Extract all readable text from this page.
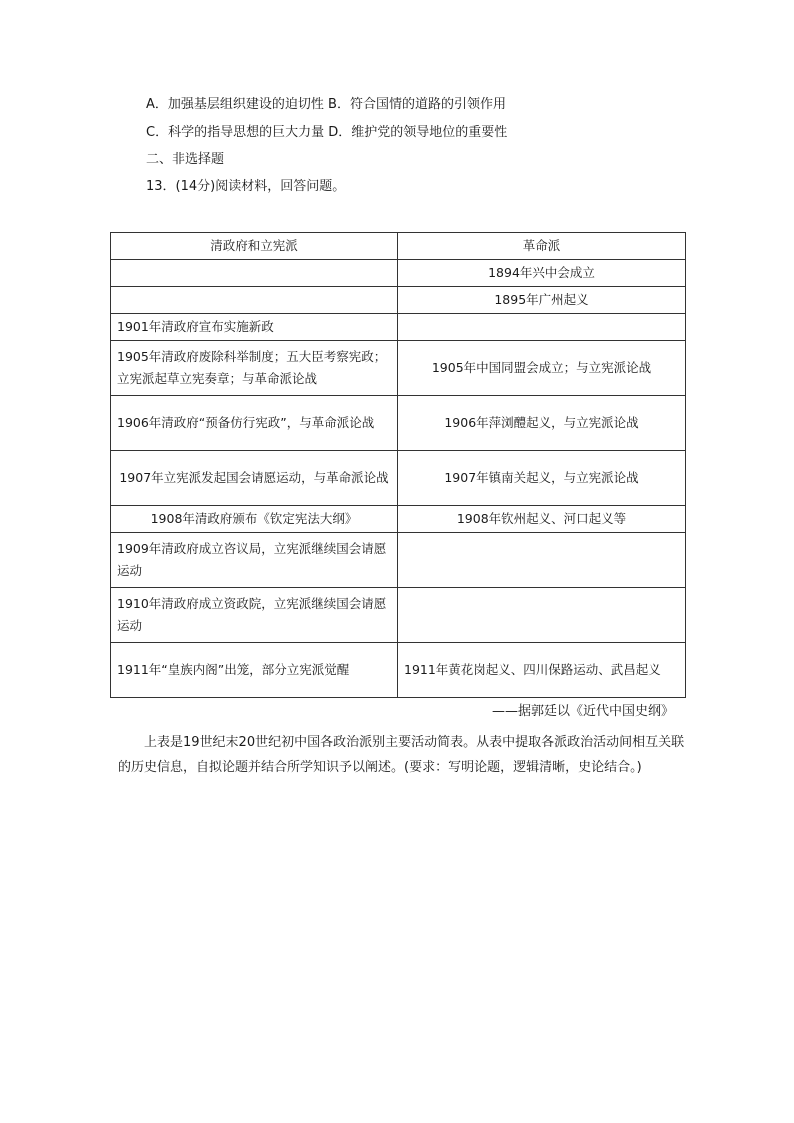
A．加强基层组织建设的迫切性 B．符合国情的道路的引领作用
C．科学的指导思想的巨大力量 D．维护党的领导地位的重要性
二、非选择题
13．(14分)阅读材料，回答问题。
清政府和立宪派	革命派
	1894年兴中会成立
	1895年广州起义
1901年清政府宣布实施新政	
1905年清政府废除科举制度；五大臣考察宪政；立宪派起草立宪奏章；与革命派论战	1905年中国同盟会成立；与立宪派论战
1906年清政府“预备仿行宪政”，与革命派论战	1906年萍浏醴起义，与立宪派论战
1907年立宪派发起国会请愿运动，与革命派论战	1907年镇南关起义，与立宪派论战
1908年清政府颁布《钦定宪法大纲》	1908年钦州起义、河口起义等
1909年清政府成立咨议局，立宪派继续国会请愿运动	
1910年清政府成立资政院，立宪派继续国会请愿运动	
1911年“皇族内阁”出笼，部分立宪派觉醒	1911年黄花岗起义、四川保路运动、武昌起义
——据郭廷以《近代中国史纲》
上表是19世纪末20世纪初中国各政治派别主要活动简表。从表中提取各派政治活动间相互关联的历史信息，自拟论题并结合所学知识予以阐述。(要求：写明论题，逻辑清晰，史论结合。)
